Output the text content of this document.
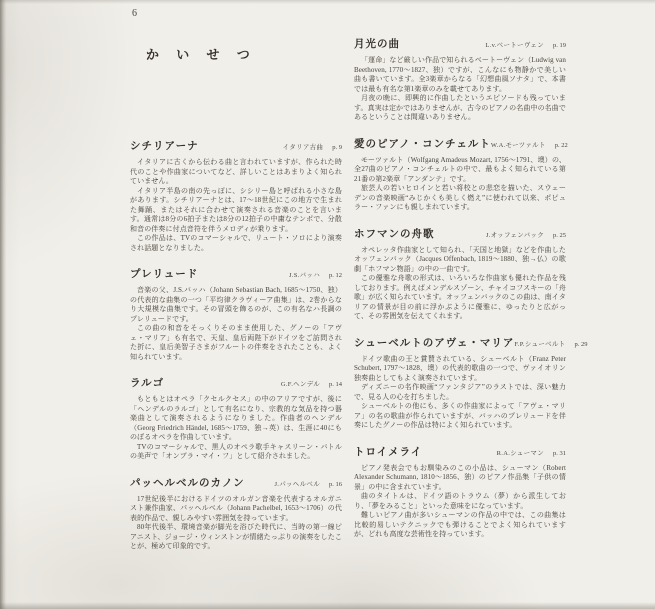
6
か い せ つ
シチリアーナ	イタリア古曲 p. 9

イタリアに古くから伝わる曲と言われていますが、作られた時代のことや作曲家についてなど、詳しいことはあまりよく知られていません。

イタリア半島の南の先っぽに、シシリー島と呼ばれる小さな島があります。シチリアーナとは、17～18世紀にこの地方で生まれた舞踊、またはそれに合わせて演奏される音楽のことを言います。通常は8分の6拍子または8分の12拍子の中庸なテンポで、分散和音の伴奏に付点音符を伴うメロディが乗ります。

この作品は、TVのコマーシャルで、リュート・ソロにより演奏され話題となりました。

プレリュード	J.S.バッハ p. 12

音楽の父、J.S.バッハ（Johann Sebastian Bach, 1685～1750、独）の代表的な曲集の一つ「平均律クラヴィーア曲集」は、2巻からなり大規模な曲集です。その冒頭を飾るのが、この有名なハ長調のプレリュードです。

この曲の和音をそっくりそのまま使用した、グノーの「アヴェ・マリア」も有名で、天皇、皇后両陛下がドイツをご訪問された折に、皇后美智子さまがフルートの伴奏をされたことも、よく知られています。

ラルゴ	G.F.ヘンデル p. 14

もともとはオペラ「クセルクセス」の中のアリアですが、後に「ヘンデルのラルゴ」として有名になり、宗教的な気品を持つ器楽曲として演奏されるようになりました。作曲者のヘンデル（Georg Friedrich Händel, 1685～1759、独→英）は、生涯に40にものぼるオペラを作曲しています。

TVのコマーシャルで、黒人のオペラ歌手キャスリーン・バトルの美声で「オンブラ・マイ・フ」として紹介されました。

パッヘルベルのカノン	J.パッヘルベル p. 16

17世紀後半におけるドイツのオルガン音楽を代表するオルガニスト兼作曲家、パッヘルベル（Johann Pachelbel, 1653～1706）の代表的作品で、親しみやすい雰囲気を持っています。

80年代後半、環境音楽が脚光を浴びた時代に、当時の第一線ピアニスト、ジョージ・ウィンストンが情緒たっぷりの演奏をしたことが、極めて印象的です。

月光の曲	L.v.ベートーヴェン p. 19

「運命」など厳しい作品で知られるベートーヴェン（Ludwig van Beethoven, 1770～1827、独）ですが、こんなにも物静かで美しい曲も書いています。全3楽章からなる「幻想曲風ソナタ」で、本書では最も有名な第1楽章のみを載せてあります。

月夜の晩に、即興的に作曲したというエピソードも残っています。真実は定かではありませんが、古今のピアノの名曲中の名曲であるということは間違いありません。

愛のピアノ・コンチェルト W.A.モーツァルト p. 22

モーツァルト（Wolfgang Amadeus Mozart, 1756～1791、墺）の、全27曲のピアノ・コンチェルトの中で、最もよく知られている第21番の第2楽章「アンダンテ」です。

旅芸人の若いヒロインと若い将校との悲恋を描いた、スウェーデンの音楽映画“みじかくも美しく燃え”に使われて以来、ポピュラー・ファンにも親しまれています。

ホフマンの舟歌	J.オッフェンバック p. 25

オペレッタ作曲家として知られ、「天国と地獄」などを作曲したオッフェンバック（Jacques Offenbach, 1819～1880、独→仏）の歌劇「ホフマン物語」の中の一曲です。

この優雅な舟歌の形式は、いろいろな作曲家も優れた作品を残しております。例えばメンデルスゾーン、チャイコフスキーの「舟歌」が広く知られています。オッフェンバックのこの曲は、南イタリアの情景が目の前に浮かぶように優雅に、ゆったりと広がって、その雰囲気を伝えてくれます。

シューベルトのアヴェ・マリア F.P.シューベルト p. 29

ドイツ歌曲の王と賞賛されている、シューベルト（Franz Peter Schubert, 1797～1828、墺）の代表的歌曲の一つで、ヴァイオリン独奏曲としてもよく演奏されています。

ディズニーの名作映画“ファンタジア”のラストでは、深い魅力で、見る人の心を打ちました。

シューベルトの他にも、多くの作曲家によって「アヴェ・マリア」の名の歌曲が作られていますが、バッハのプレリュードを伴奏にしたグノーの作品は特によく知られています。

トロイメライ	R.A.シューマン p. 31

ピアノ発表会でもお馴染みのこの小品は、シューマン（Robert Alexander Schumann, 1810～1856、独）のピアノ作品集「子供の情景」の中に含まれています。

曲のタイトルは、ドイツ語のトラウム（夢）から派生しており、「夢をみること」といった意味をになっています。

難しいピアノ曲が多いシューマンの作品の中では、この曲集は比較的易しいテクニックでも弾けることでよく知られていますが、どれも高度な芸術性を持っています。
